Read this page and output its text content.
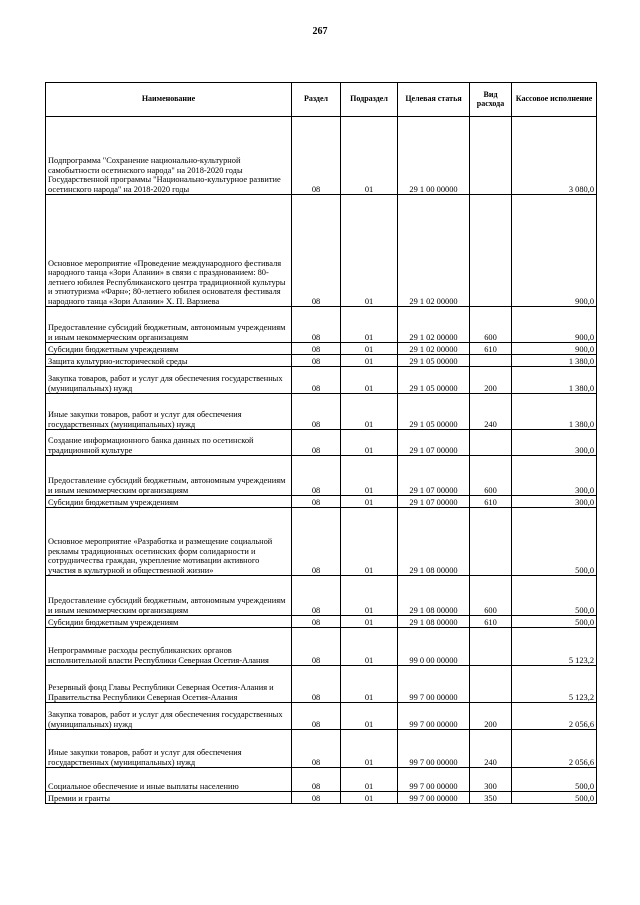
267
Наименование	Раздел	Подраздел	Целевая статья	Вид расхода	Кассовое исполнение
Подпрограмма "Сохранение национально-культурной самобытности осетинского народа" на 2018-2020 годы Государственной программы "Национально-культурное развитие осетинского народа" на 2018-2020 годы	08	01	29 1 00 00000		3 080,0
Основное мероприятие «Проведение международного фестиваля народного танца «Зори Алании» в связи с празднованием: 80-летнего юбилея Республиканского центра традиционной культуры и этнотуризма «Фарн»; 80-летнего юбилея основателя фестиваля народного танца «Зори Алании» Х. П. Варзиева	08	01	29 1 02 00000		900,0
Предоставление субсидий бюджетным, автономным учреждениям и иным некоммерческим организациям	08	01	29 1 02 00000	600	900,0
Субсидии бюджетным учреждениям	08	01	29 1 02 00000	610	900,0
Защита культурно-исторической среды	08	01	29 1 05 00000		1 380,0
Закупка товаров, работ и услуг для обеспечения государственных (муниципальных) нужд	08	01	29 1 05 00000	200	1 380,0
Иные закупки товаров, работ и услуг для обеспечения государственных (муниципальных) нужд	08	01	29 1 05 00000	240	1 380,0
Создание информационного банка данных по осетинской традиционной культуре	08	01	29 1 07 00000		300,0
Предоставление субсидий бюджетным, автономным учреждениям и иным некоммерческим организациям	08	01	29 1 07 00000	600	300,0
Субсидии бюджетным учреждениям	08	01	29 1 07 00000	610	300,0
Основное мероприятие «Разработка и размещение социальной рекламы традиционных осетинских форм солидарности и сотрудничества граждан, укрепление мотивации активного участия в культурной и общественной жизни»	08	01	29 1 08 00000		500,0
Предоставление субсидий бюджетным, автономным учреждениям и иным некоммерческим организациям	08	01	29 1 08 00000	600	500,0
Субсидии бюджетным учреждениям	08	01	29 1 08 00000	610	500,0
Непрограммные расходы республиканских органов исполнительной власти Республики Северная Осетия-Алания	08	01	99 0 00 00000		5 123,2
Резервный фонд Главы Республики Северная Осетия-Алания и Правительства Республики Северная Осетия-Алания	08	01	99 7 00 00000		5 123,2
Закупка товаров, работ и услуг для обеспечения государственных (муниципальных) нужд	08	01	99 7 00 00000	200	2 056,6
Иные закупки товаров, работ и услуг для обеспечения государственных (муниципальных) нужд	08	01	99 7 00 00000	240	2 056,6
Социальное обеспечение и иные выплаты населению	08	01	99 7 00 00000	300	500,0
Премии и гранты	08	01	99 7 00 00000	350	500,0
